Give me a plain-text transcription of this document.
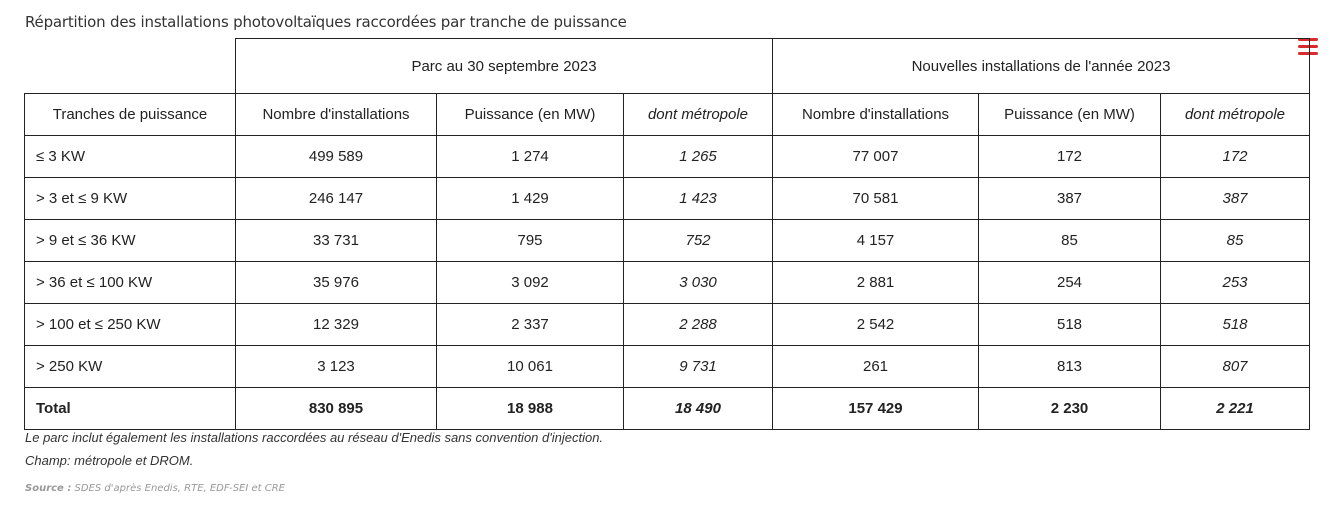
Répartition des installations photovoltaïques raccordées par tranche de puissance
	Parc au 30 septembre 2023			Nouvelles installations de l'année 2023		
Tranches de puissance	Nombre d'installations	Puissance (en MW)	dont métropole	Nombre d'installations	Puissance (en MW)	dont métropole
≤ 3 KW	499 589	1 274	1 265	77 007	172	172
> 3 et ≤ 9 KW	246 147	1 429	1 423	70 581	387	387
> 9 et ≤ 36 KW	33 731	795	752	4 157	85	85
> 36 et ≤ 100 KW	35 976	3 092	3 030	2 881	254	253
> 100 et ≤ 250 KW	12 329	2 337	2 288	2 542	518	518
> 250 KW	3 123	10 061	9 731	261	813	807
Total	830 895	18 988	18 490	157 429	2 230	2 221
Le parc inclut également les installations raccordées au réseau d'Enedis sans convention d'injection.
Champ: métropole et DROM.
Source : SDES d'après Enedis, RTE, EDF-SEI et CRE
